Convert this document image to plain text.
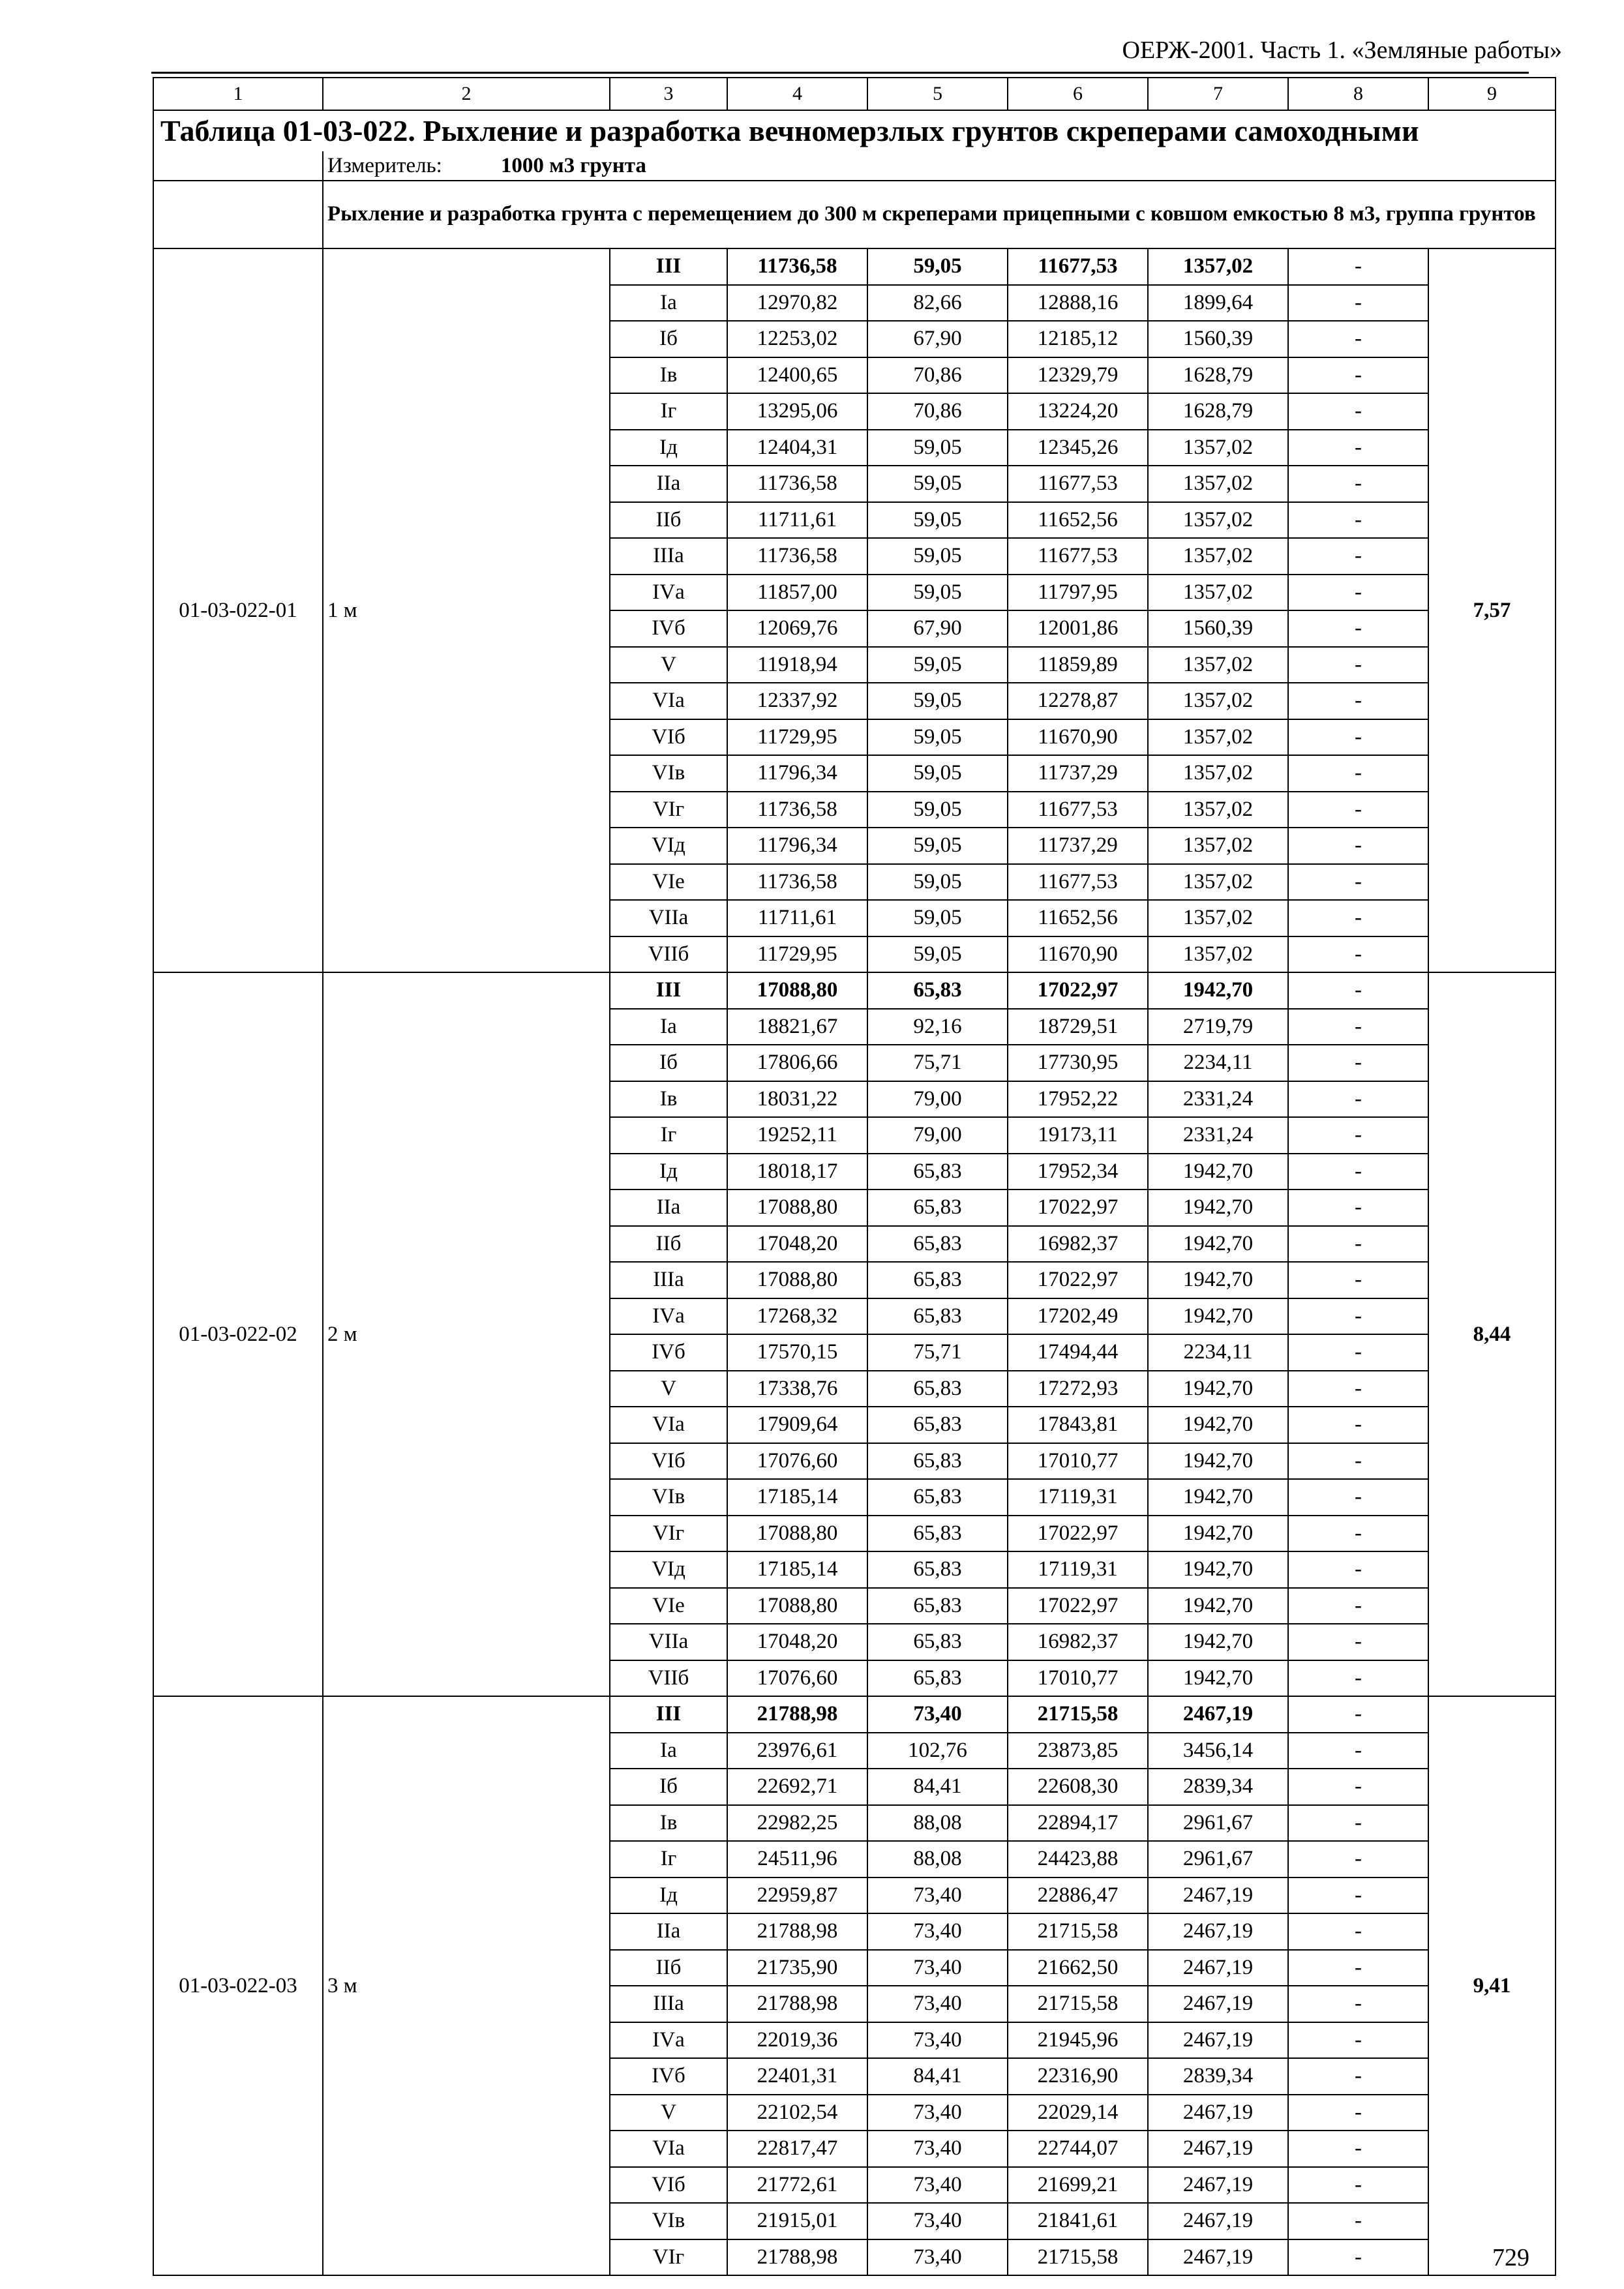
ОЕРЖ-2001. Часть 1. «Земляные работы»
1	2	3	4	5	6	7	8	9
Таблица 01-03-022. Рыхление и разработка вечномерзлых грунтов скреперами самоходными								
	Измеритель: 1000 м3 грунта							
	Рыхление и разработка грунта с перемещением до 300 м скреперами прицепными с ковшом емкостью 8 м3, группа грунтов							
01-03-022-01	1 м	III	11736,58	59,05	11677,53	1357,02	-	7,57
		Iа	12970,82	82,66	12888,16	1899,64	-	
		Iб	12253,02	67,90	12185,12	1560,39	-	
		Iв	12400,65	70,86	12329,79	1628,79	-	
		Iг	13295,06	70,86	13224,20	1628,79	-	
		Iд	12404,31	59,05	12345,26	1357,02	-	
		IIа	11736,58	59,05	11677,53	1357,02	-	
		IIб	11711,61	59,05	11652,56	1357,02	-	
		IIIа	11736,58	59,05	11677,53	1357,02	-	
		IVа	11857,00	59,05	11797,95	1357,02	-	
		IVб	12069,76	67,90	12001,86	1560,39	-	
		V	11918,94	59,05	11859,89	1357,02	-	
		VIа	12337,92	59,05	12278,87	1357,02	-	
		VIб	11729,95	59,05	11670,90	1357,02	-	
		VIв	11796,34	59,05	11737,29	1357,02	-	
		VIг	11736,58	59,05	11677,53	1357,02	-	
		VIд	11796,34	59,05	11737,29	1357,02	-	
		VIе	11736,58	59,05	11677,53	1357,02	-	
		VIIа	11711,61	59,05	11652,56	1357,02	-	
		VIIб	11729,95	59,05	11670,90	1357,02	-	
01-03-022-02	2 м	III	17088,80	65,83	17022,97	1942,70	-	8,44
		Iа	18821,67	92,16	18729,51	2719,79	-	
		Iб	17806,66	75,71	17730,95	2234,11	-	
		Iв	18031,22	79,00	17952,22	2331,24	-	
		Iг	19252,11	79,00	19173,11	2331,24	-	
		Iд	18018,17	65,83	17952,34	1942,70	-	
		IIа	17088,80	65,83	17022,97	1942,70	-	
		IIб	17048,20	65,83	16982,37	1942,70	-	
		IIIа	17088,80	65,83	17022,97	1942,70	-	
		IVа	17268,32	65,83	17202,49	1942,70	-	
		IVб	17570,15	75,71	17494,44	2234,11	-	
		V	17338,76	65,83	17272,93	1942,70	-	
		VIа	17909,64	65,83	17843,81	1942,70	-	
		VIб	17076,60	65,83	17010,77	1942,70	-	
		VIв	17185,14	65,83	17119,31	1942,70	-	
		VIг	17088,80	65,83	17022,97	1942,70	-	
		VIд	17185,14	65,83	17119,31	1942,70	-	
		VIе	17088,80	65,83	17022,97	1942,70	-	
		VIIа	17048,20	65,83	16982,37	1942,70	-	
		VIIб	17076,60	65,83	17010,77	1942,70	-	
01-03-022-03	3 м	III	21788,98	73,40	21715,58	2467,19	-	9,41
		Iа	23976,61	102,76	23873,85	3456,14	-	
		Iб	22692,71	84,41	22608,30	2839,34	-	
		Iв	22982,25	88,08	22894,17	2961,67	-	
		Iг	24511,96	88,08	24423,88	2961,67	-	
		Iд	22959,87	73,40	22886,47	2467,19	-	
		IIа	21788,98	73,40	21715,58	2467,19	-	
		IIб	21735,90	73,40	21662,50	2467,19	-	
		IIIа	21788,98	73,40	21715,58	2467,19	-	
		IVа	22019,36	73,40	21945,96	2467,19	-	
		IVб	22401,31	84,41	22316,90	2839,34	-	
		V	22102,54	73,40	22029,14	2467,19	-	
		VIа	22817,47	73,40	22744,07	2467,19	-	
		VIб	21772,61	73,40	21699,21	2467,19	-	
		VIв	21915,01	73,40	21841,61	2467,19	-	
		VIг	21788,98	73,40	21715,58	2467,19	-		729
